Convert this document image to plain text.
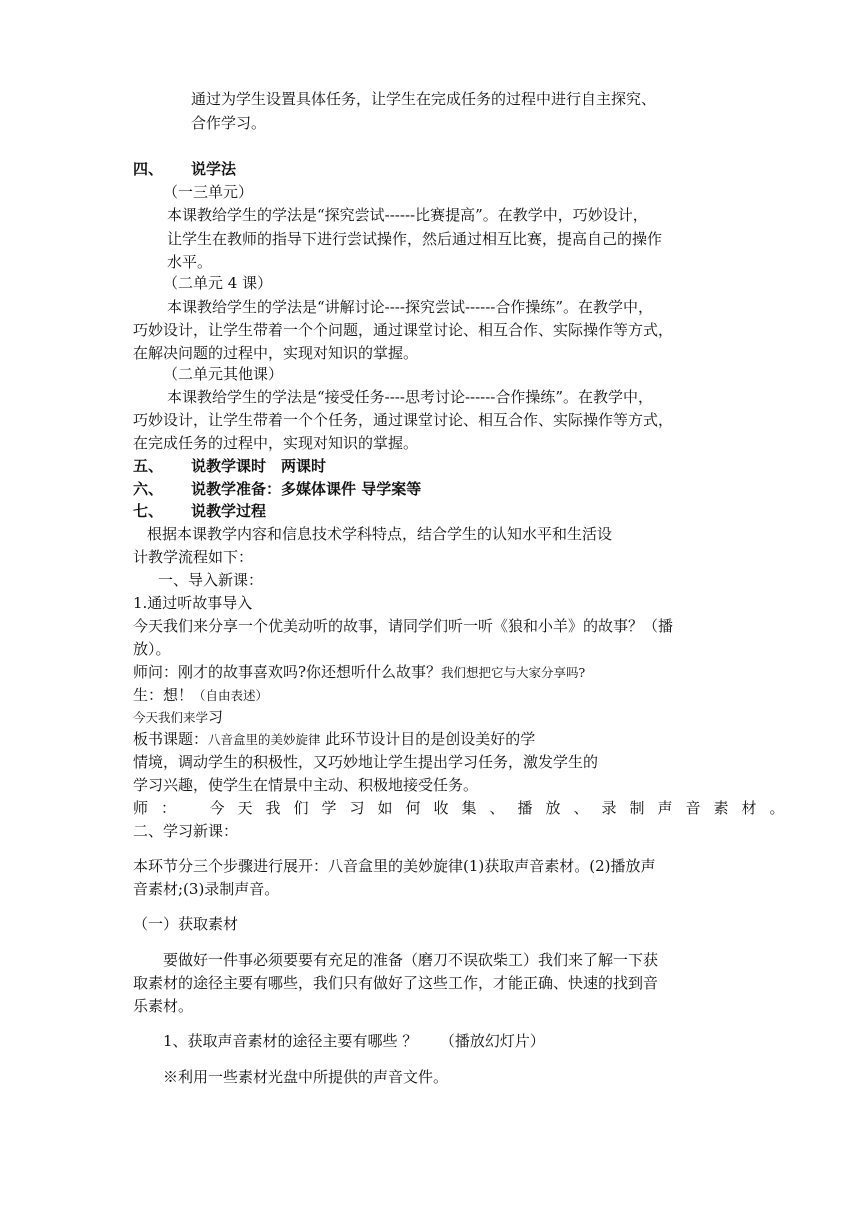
通过为学生设置具体任务，让学生在完成任务的过程中进行自主探究、
合作学习。
四、 说学法
（一三单元）
本课教给学生的学法是“探究尝试------比赛提高”。在教学中，巧妙设计，
让学生在教师的指导下进行尝试操作，然后通过相互比赛，提高自己的操作
水平。
（二单元 4 课）
本课教给学生的学法是“讲解讨论----探究尝试------合作操练”。在教学中，
巧妙设计，让学生带着一个个问题，通过课堂讨论、相互合作、实际操作等方式，
在解决问题的过程中，实现对知识的掌握。
（二单元其他课）
本课教给学生的学法是“接受任务----思考讨论------合作操练”。在教学中，
巧妙设计，让学生带着一个个任务，通过课堂讨论、相互合作、实际操作等方式，
在完成任务的过程中，实现对知识的掌握。
五、 说教学课时　两课时
六、 说教学准备：多媒体课件 导学案等
七、 说教学过程
根据本课教学内容和信息技术学科特点，结合学生的认知水平和生活设
计教学流程如下：
一、导入新课：
1.通过听故事导入
今天我们来分享一个优美动听的故事，请同学们听一听《狼和小羊》的故事？（播
放）。
师问：刚才的故事喜欢吗?你还想听什么故事？我们想把它与大家分享吗?
生：想！（自由表述）
今天我们来学习
板书课题：八音盒里的美妙旋律 此环节设计目的是创设美好的学
情境，调动学生的积极性，又巧妙地让学生提出学习任务，激发学生的
学习兴趣，使学生在情景中主动、积极地接受任务。
师：　今天我们学习如何收集、播放、录制声音素材。
二、学习新课：
本环节分三个步骤进行展开：八音盒里的美妙旋律(1)获取声音素材。(2)播放声
音素材;(3)录制声音。
（一）获取素材
要做好一件事必须要要有充足的准备（磨刀不误砍柴工）我们来了解一下获
取素材的途径主要有哪些，我们只有做好了这些工作，才能正确、快速的找到音
乐素材。
1、获取声音素材的途径主要有哪些 ？　　（播放幻灯片）
※利用一些素材光盘中所提供的声音文件。
